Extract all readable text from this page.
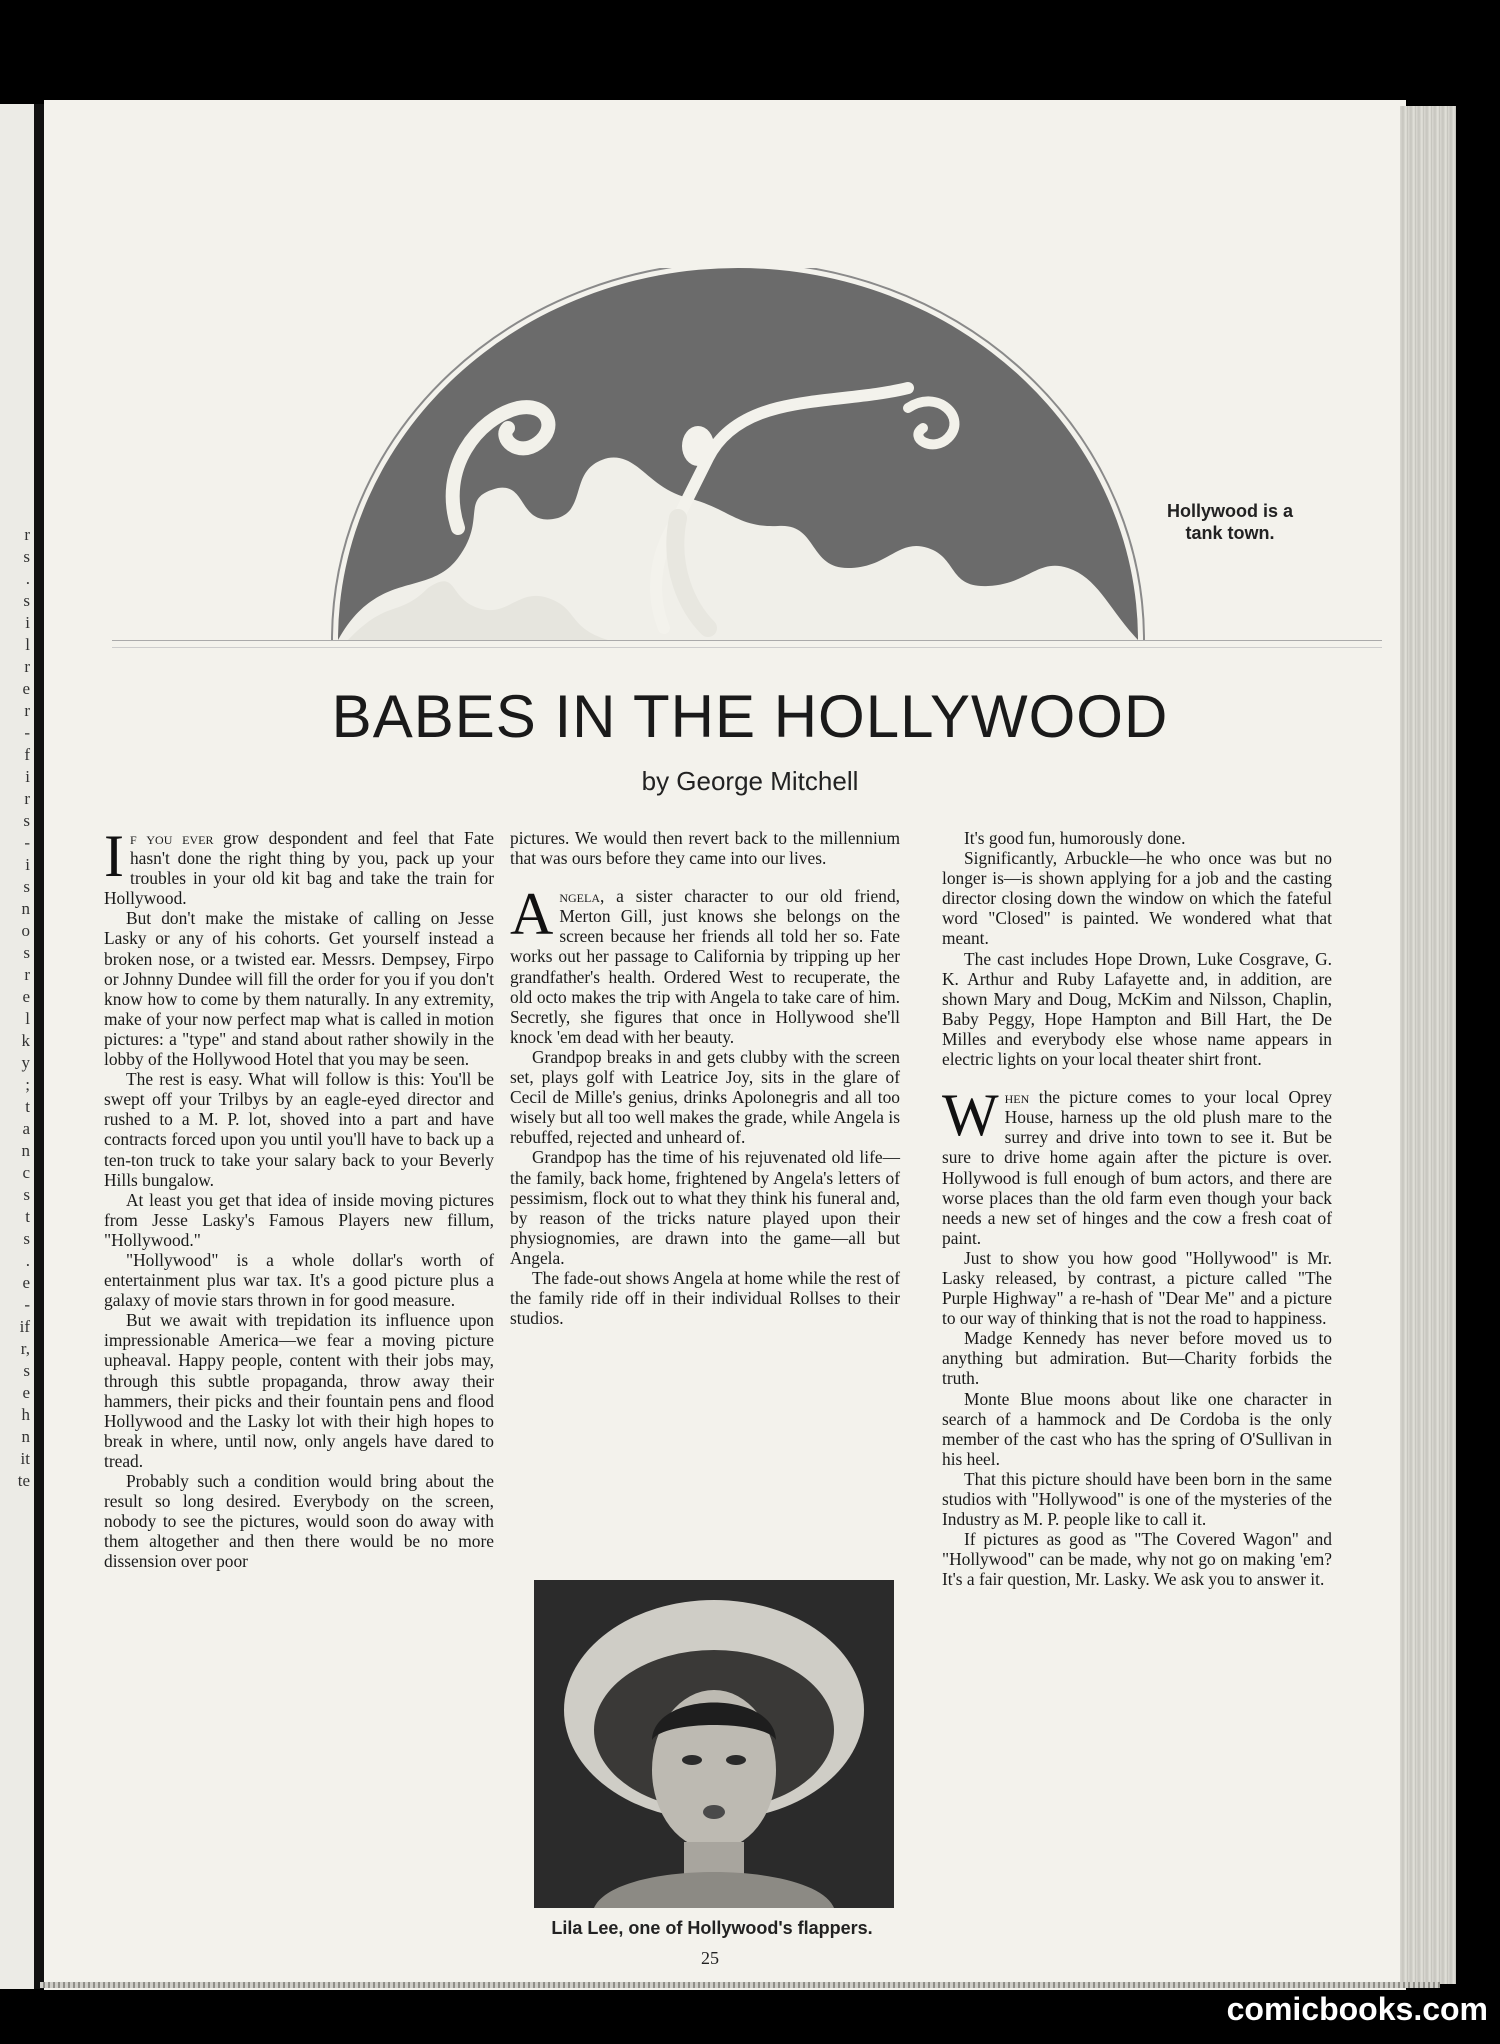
r
s
.
s
i
l
r
e
r
-
f
i
r
s
-
i
s
n
o
s
r
e
l
k
y
;
t
a
n
c
s
t
s
.
e
-
if
r,
s
e
h
n
it
te
Hollywood is a tank town.
BABES IN THE HOLLYWOOD
by George Mitchell

If you ever grow despondent and feel that Fate hasn't done the right thing by you, pack up your troubles in your old kit bag and take the train for Hollywood.

But don't make the mistake of calling on Jesse Lasky or any of his cohorts. Get yourself instead a broken nose, or a twisted ear. Messrs. Dempsey, Firpo or Johnny Dundee will fill the order for you if you don't know how to come by them naturally. In any extremity, make of your now perfect map what is called in motion pictures: a "type" and stand about rather showily in the lobby of the Hollywood Hotel that you may be seen.

The rest is easy. What will follow is this: You'll be swept off your Trilbys by an eagle-eyed director and rushed to a M. P. lot, shoved into a part and have contracts forced upon you until you'll have to back up a ten-ton truck to take your salary back to your Beverly Hills bungalow.

At least you get that idea of inside moving pictures from Jesse Lasky's Famous Players new fillum, "Hollywood."

"Hollywood" is a whole dollar's worth of entertainment plus war tax. It's a good picture plus a galaxy of movie stars thrown in for good measure.

But we await with trepidation its influence upon impressionable America—we fear a moving picture upheaval. Happy people, content with their jobs may, through this subtle propaganda, throw away their hammers, their picks and their fountain pens and flood Hollywood and the Lasky lot with their high hopes to break in where, until now, only angels have dared to tread.

Probably such a condition would bring about the result so long desired. Everybody on the screen, nobody to see the pictures, would soon do away with them altogether and then there would be no more dissension over poor

pictures. We would then revert back to the millennium that was ours before they came into our lives.

Angela, a sister character to our old friend, Merton Gill, just knows she belongs on the screen because her friends all told her so. Fate works out her passage to California by tripping up her grandfather's health. Ordered West to recuperate, the old octo makes the trip with Angela to take care of him. Secretly, she figures that once in Hollywood she'll knock 'em dead with her beauty.

Grandpop breaks in and gets clubby with the screen set, plays golf with Leatrice Joy, sits in the glare of Cecil de Mille's genius, drinks Apolonegris and all too wisely but all too well makes the grade, while Angela is rebuffed, rejected and unheard of.

Grandpop has the time of his rejuvenated old life—the family, back home, frightened by Angela's letters of pessimism, flock out to what they think his funeral and, by reason of the tricks nature played upon their physiognomies, are drawn into the game—all but Angela.

The fade-out shows Angela at home while the rest of the family ride off in their individual Rollses to their studios.

It's good fun, humorously done.

Significantly, Arbuckle—he who once was but no longer is—is shown applying for a job and the casting director closing down the window on which the fateful word "Closed" is painted. We wondered what that meant.

The cast includes Hope Drown, Luke Cosgrave, G. K. Arthur and Ruby Lafayette and, in addition, are shown Mary and Doug, McKim and Nilsson, Chaplin, Baby Peggy, Hope Hampton and Bill Hart, the De Milles and everybody else whose name appears in electric lights on your local theater shirt front.

When the picture comes to your local Oprey House, harness up the old plush mare to the surrey and drive into town to see it. But be sure to drive home again after the picture is over. Hollywood is full enough of bum actors, and there are worse places than the old farm even though your back needs a new set of hinges and the cow a fresh coat of paint.

Just to show you how good "Hollywood" is Mr. Lasky released, by contrast, a picture called "The Purple Highway" a re-hash of "Dear Me" and a picture to our way of thinking that is not the road to happiness.

Madge Kennedy has never before moved us to anything but admiration. But—Charity forbids the truth.

Monte Blue moons about like one character in search of a hammock and De Cordoba is the only member of the cast who has the spring of O'Sullivan in his heel.

That this picture should have been born in the same studios with "Hollywood" is one of the mysteries of the Industry as M. P. people like to call it.

If pictures as good as "The Covered Wagon" and "Hollywood" can be made, why not go on making 'em? It's a fair question, Mr. Lasky. We ask you to answer it.

Lila Lee, one of Hollywood's flappers.
25
comicbooks.com
